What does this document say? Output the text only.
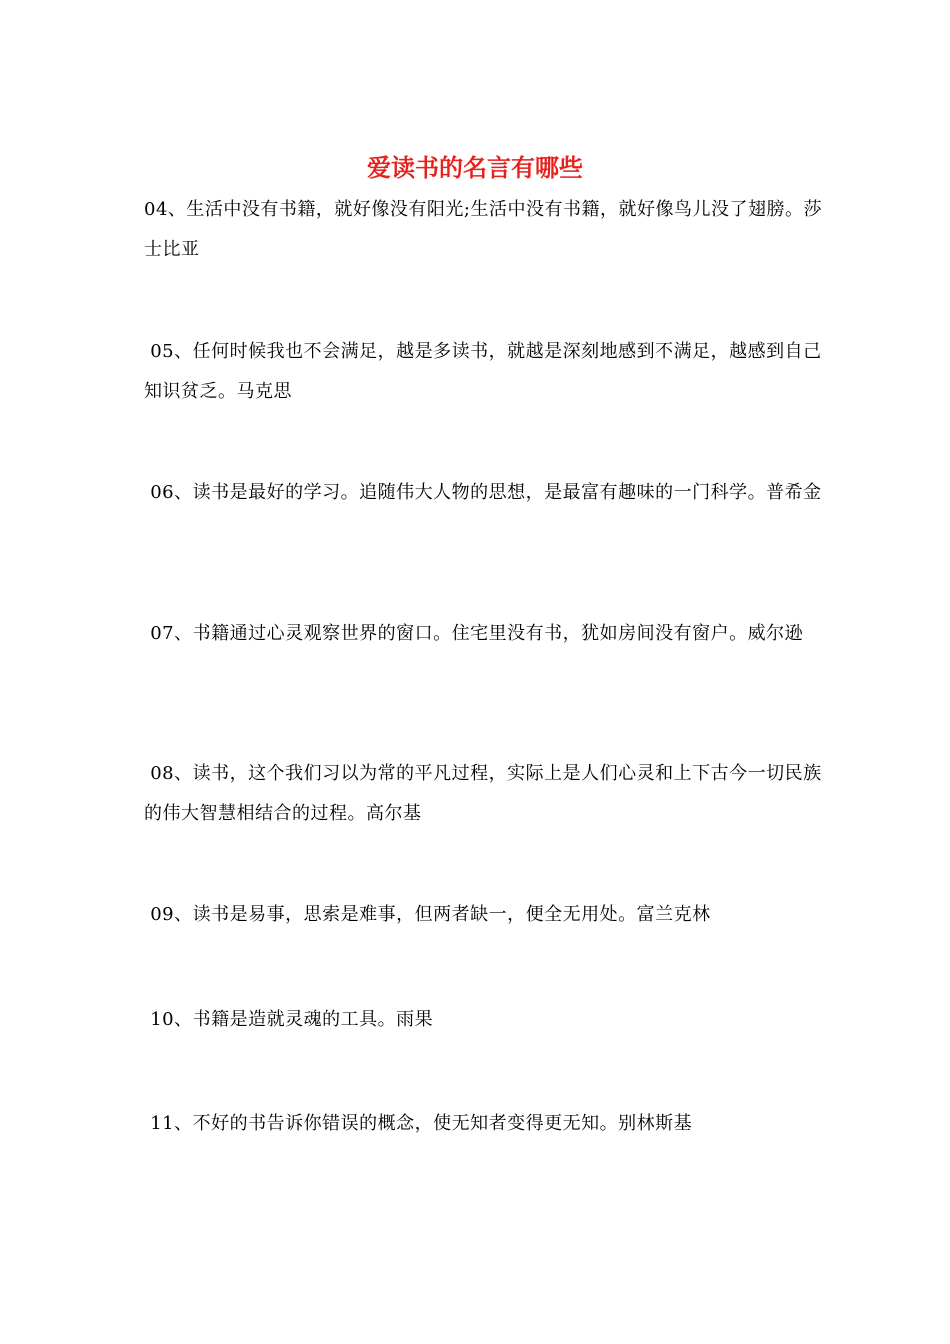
爱读书的名言有哪些
04、生活中没有书籍，就好像没有阳光;生活中没有书籍，就好像鸟儿没了翅膀。莎士比亚
05、任何时候我也不会满足，越是多读书，就越是深刻地感到不满足，越感到自己知识贫乏。马克思
06、读书是最好的学习。追随伟大人物的思想，是最富有趣味的一门科学。普希金
07、书籍通过心灵观察世界的窗口。住宅里没有书，犹如房间没有窗户。威尔逊
08、读书，这个我们习以为常的平凡过程，实际上是人们心灵和上下古今一切民族的伟大智慧相结合的过程。高尔基
09、读书是易事，思索是难事，但两者缺一，便全无用处。富兰克林
10、书籍是造就灵魂的工具。雨果
11、不好的书告诉你错误的概念，使无知者变得更无知。别林斯基
